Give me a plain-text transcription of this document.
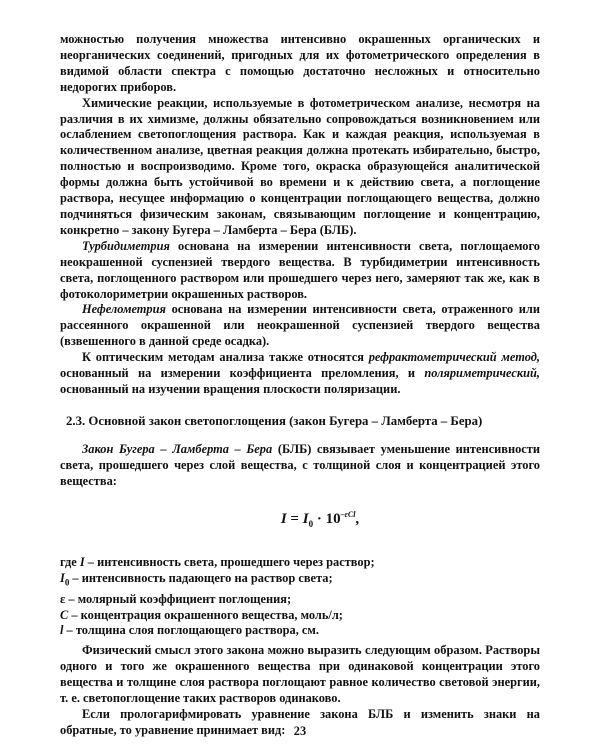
можностью получения множества интенсивно окрашенных органических и неорганических соединений, пригодных для их фотометрического определения в видимой области спектра с помощью достаточно несложных и относительно недорогих приборов.

Химические реакции, используемые в фотометрическом анализе, несмотря на различия в их химизме, должны обязательно сопровождаться возникновением или ослаблением светопоглощения раствора. Как и каждая реакция, используемая в количественном анализе, цветная реакция должна протекать избирательно, быстро, полностью и воспроизводимо. Кроме того, окраска образующейся аналитической формы должна быть устойчивой во времени и к действию света, а поглощение раствора, несущее информацию о концентрации поглощающего вещества, должно подчиняться физическим законам, связывающим поглощение и концентрацию, конкретно – закону Бугера – Ламберта – Бера (БЛБ).

Турбидиметрия основана на измерении интенсивности света, поглощаемого неокрашенной суспензией твердого вещества. В турбидиметрии интенсивность света, поглощенного раствором или прошедшего через него, замеряют так же, как в фотоколориметрии окрашенных растворов.

Нефелометрия основана на измерении интенсивности света, отраженного или рассеянного окрашенной или неокрашенной суспензией твердого вещества (взвешенного в данной среде осадка).

К оптическим методам анализа также относятся рефрактометрический метод, основанный на измерении коэффициента преломления, и поляриметрический, основанный на изучении вращения плоскости поляризации.

2.3. Основной закон светопоглощения (закон Бугера – Ламберта – Бера)

Закон Бугера – Ламберта – Бера (БЛБ) связывает уменьшение интенсивности света, прошедшего через слой вещества, с толщиной слоя и концентрацией этого вещества:

$I = I_0 \cdot 10^{-\varepsilon Cl}$,

где I – интенсивность света, прошедшего через раствор;

$I_0$ – интенсивность падающего на раствор света;

ε – молярный коэффициент поглощения;

C – концентрация окрашенного вещества, моль/л;

l – толщина слоя поглощающего раствора, см.

Физический смысл этого закона можно выразить следующим образом. Растворы одного и того же окрашенного вещества при одинаковой концентрации этого вещества и толщине слоя раствора поглощают равное количество световой энергии, т. е. светопоглощение таких растворов одинаково.

Если прологарифмировать уравнение закона БЛБ и изменить знаки на обратные, то уравнение принимает вид: 23
